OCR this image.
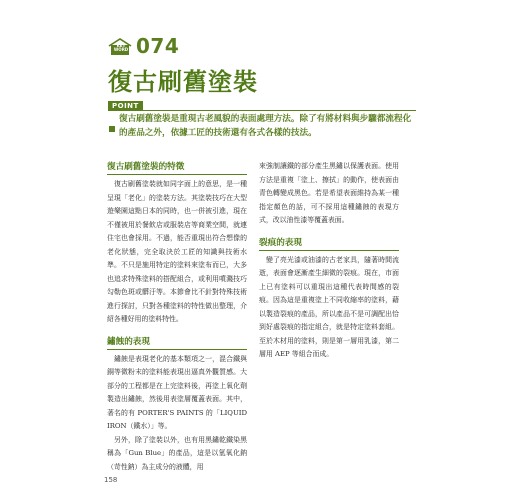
KEY WORD 074
復古刷舊塗裝
POINT
復古刷舊塗裝是重現古老風貌的表面處理方法。除了有將材料與步驟都流程化的產品之外，依據工匠的技術還有各式各樣的技法。
復古刷舊塗裝的特徵

　復古刷舊塗裝就如同字面上的意思，是一種呈現「老化」的塗裝方法。其塗裝技巧在大型遊樂園這點日本的同時，也一併被引進，現在不僅被用於餐飲店或服裝店等商業空間，就連住宅也會採用。不過，能否重現出符合想像的老化狀態，完全取決於工匠的知識與技術水準。不只是施用特定的塗料來塗布而已，大多也追求特殊塗料的搭配組合，或利用噴濺技巧勾勒色斑或髒汙等。本節會比不針對特殊技術進行探討，只對各種塗料的特性做出整理，介紹各種好用的塗料特性。

鏽蝕的表現

　鏽蝕是表現老化的基本類項之一，混合鐵與銅等微粉末的塗料能表現出逼真外觀質感。大部分的工程都是在上完塗料後，再塗上氧化劑製造出鏽蝕，然後用表塗層覆蓋表面。其中，著名的有 PORTER'S PAINTS 的「LIQUID IRON（鐵水）」等。

　另外，除了塗裝以外，也有用黑鏽乾鐵染黑稱為「Gun Blue」的產品，這是以氫氧化鈉（苛性鈉）為主成分的液體，用

來強制讓鐵的部分產生黑鏽以保護表面。使用方法是重複「塗上、擦拭」的動作，使表面由青色轉變成黑色。若是希望表面維持為某一種指定顏色的話，可不採用這種鏽蝕的表現方式，改以油性漆等覆蓋表面。

裂痕的表現

　變了亮光漆或油漆的古老家具，隨著時間流逝，表面會逐漸產生細微的裂痕。現在，市面上已有塗料可以重現出這種代表時間感的裂痕。因為這是重複塗上不同收縮率的塗料，藉以製造裂痕的產品，所以產品不是可調配出恰到好處裂痕的指定組合，就是特定塗料套組。至於木材用的塗料，則是第一層用乳漆，第二層用 AEP 等組合而成。

158
